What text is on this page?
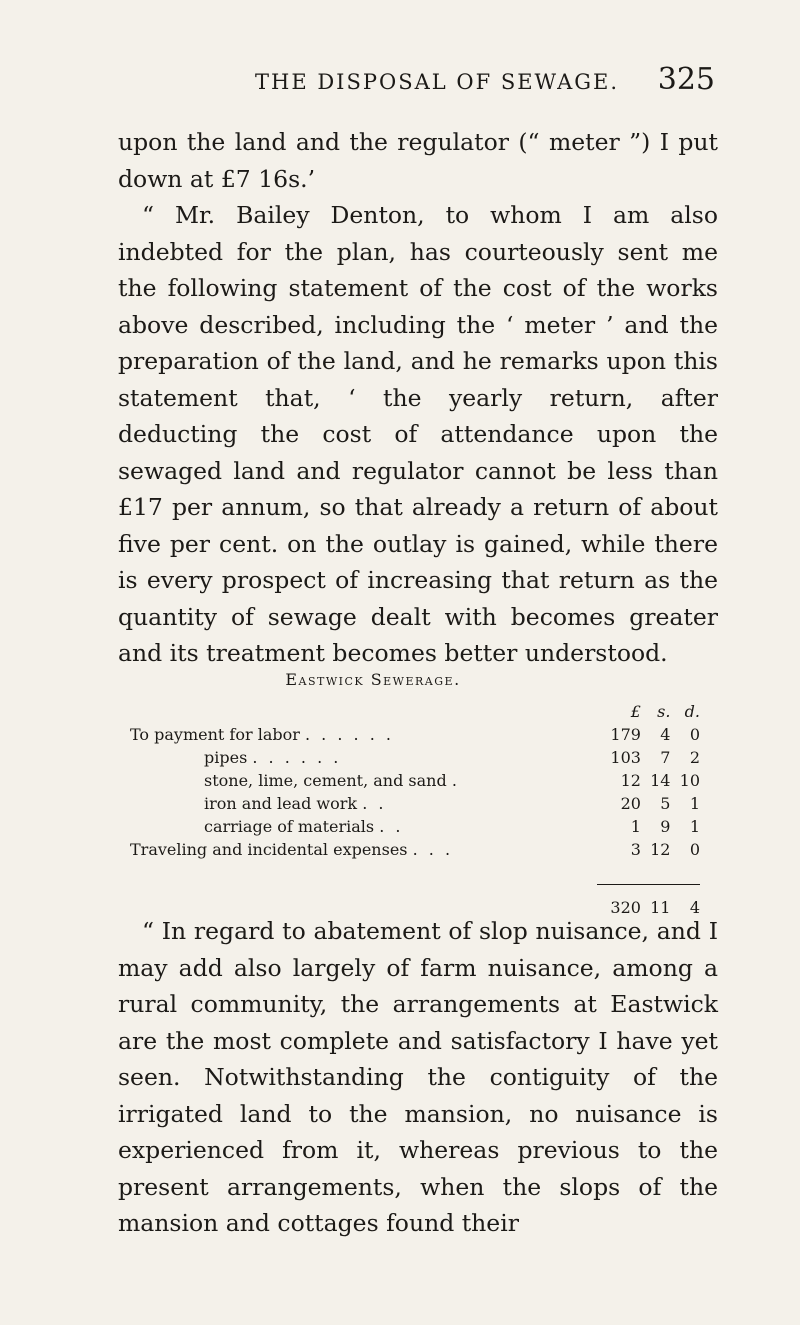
THE DISPOSAL OF SEWAGE. 325

upon the land and the regulator (“ meter ”) I put down at £7 16s.’

“ Mr. Bailey Denton, to whom I am also indebted for the plan, has courteously sent me the following statement of the cost of the works above described, including the ‘ meter ’ and the preparation of the land, and he remarks upon this statement that, ‘ the yearly return, after deducting the cost of attendance upon the sewaged land and regulator cannot be less than £17 per annum, so that already a return of about five per cent. on the outlay is gained, while there is every prospect of increasing that return as the quantity of sewage dealt with becomes greater and its treatment becomes better understood.

Eastwick Sewerage.
	£	s.	d.
To payment for labor . . . . . .	179	4	0
pipes . . . . . .	103	7	2
stone, lime, cement, and sand .	12	14	10
iron and lead work . .	20	5	1
carriage of materials . .	1	9	1
Traveling and incidental expenses . . .	3	12	0

	320	11	4

“ In regard to abatement of slop nuisance, and I may add also largely of farm nuisance, among a rural community, the arrangements at Eastwick are the most complete and satisfactory I have yet seen. Notwithstanding the contiguity of the irrigated land to the mansion, no nuisance is experienced from it, whereas previous to the present arrangements, when the slops of the mansion and cottages found their
